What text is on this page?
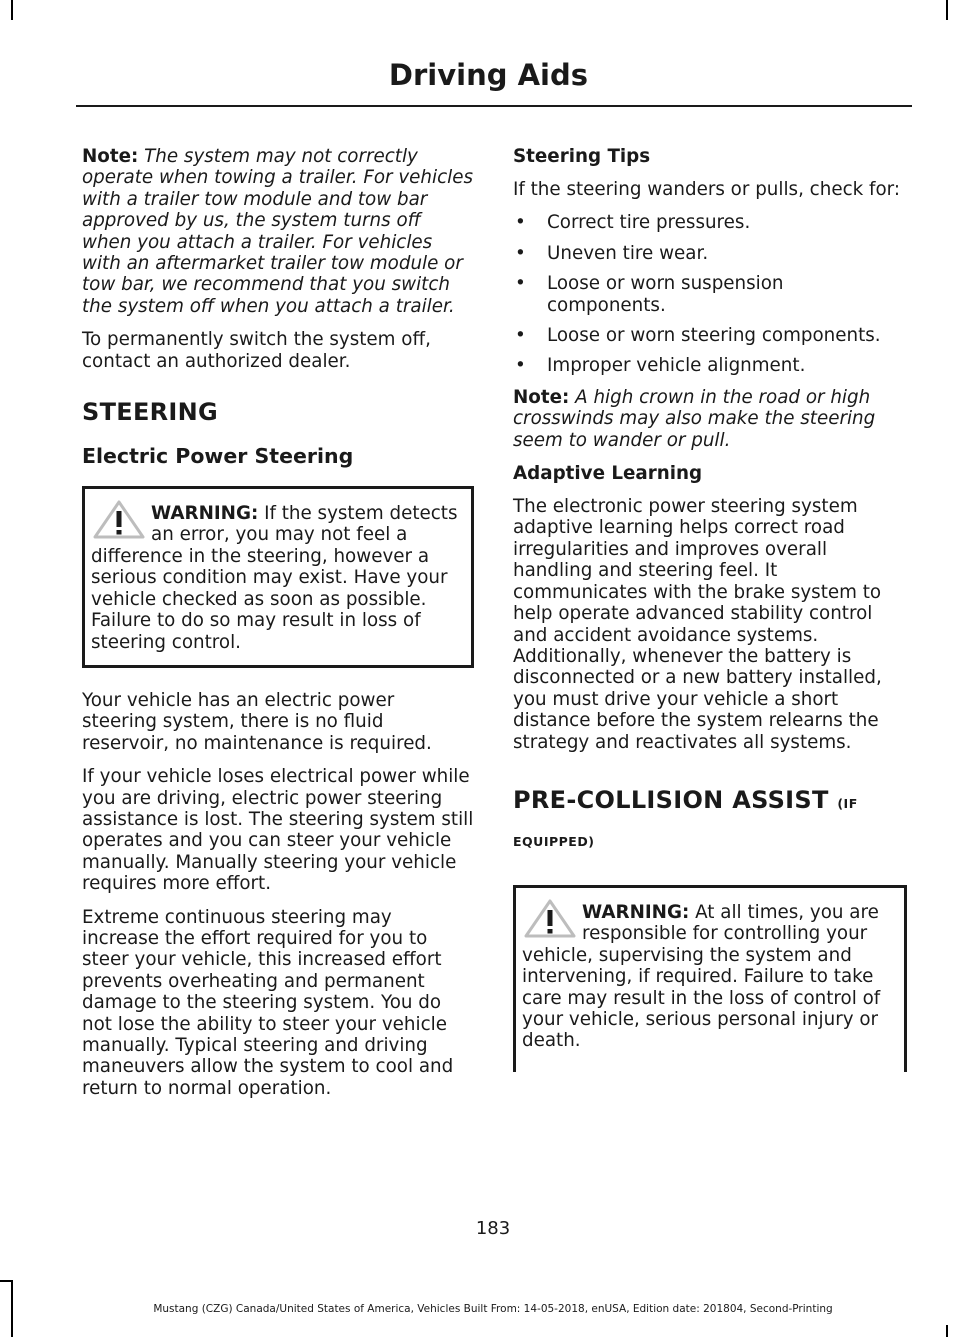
Driving Aids

Note: The system may not correctly operate when towing a trailer. For vehicles with a trailer tow module and tow bar approved by us, the system turns off when you attach a trailer. For vehicles with an aftermarket trailer tow module or tow bar, we recommend that you switch the system off when you attach a trailer.

To permanently switch the system off, contact an authorized dealer.

STEERING
Electric Power Steering

WARNING: If the system detects an error, you may not feel a difference in the steering, however a serious condition may exist. Have your vehicle checked as soon as possible. Failure to do so may result in loss of steering control.

Your vehicle has an electric power steering system, there is no fluid reservoir, no maintenance is required.

If your vehicle loses electrical power while you are driving, electric power steering assistance is lost. The steering system still operates and you can steer your vehicle manually. Manually steering your vehicle requires more effort.

Extreme continuous steering may increase the effort required for you to steer your vehicle, this increased effort prevents overheating and permanent damage to the steering system. You do not lose the ability to steer your vehicle manually. Typical steering and driving maneuvers allow the system to cool and return to normal operation.

Steering Tips

If the steering wanders or pulls, check for:

• Correct tire pressures.
• Uneven tire wear.
• Loose or worn suspension components.
• Loose or worn steering components.
• Improper vehicle alignment.

Note: A high crown in the road or high crosswinds may also make the steering seem to wander or pull.

Adaptive Learning

The electronic power steering system adaptive learning helps correct road irregularities and improves overall handling and steering feel. It communicates with the brake system to help operate advanced stability control and accident avoidance systems. Additionally, whenever the battery is disconnected or a new battery installed, you must drive your vehicle a short distance before the system relearns the strategy and reactivates all systems.

PRE-COLLISION ASSIST (IF EQUIPPED)

WARNING: At all times, you are responsible for controlling your vehicle, supervising the system and intervening, if required. Failure to take care may result in the loss of control of your vehicle, serious personal injury or death.

183
Mustang (CZG) Canada/United States of America, Vehicles Built From: 14-05-2018, enUSA, Edition date: 201804, Second-Printing
